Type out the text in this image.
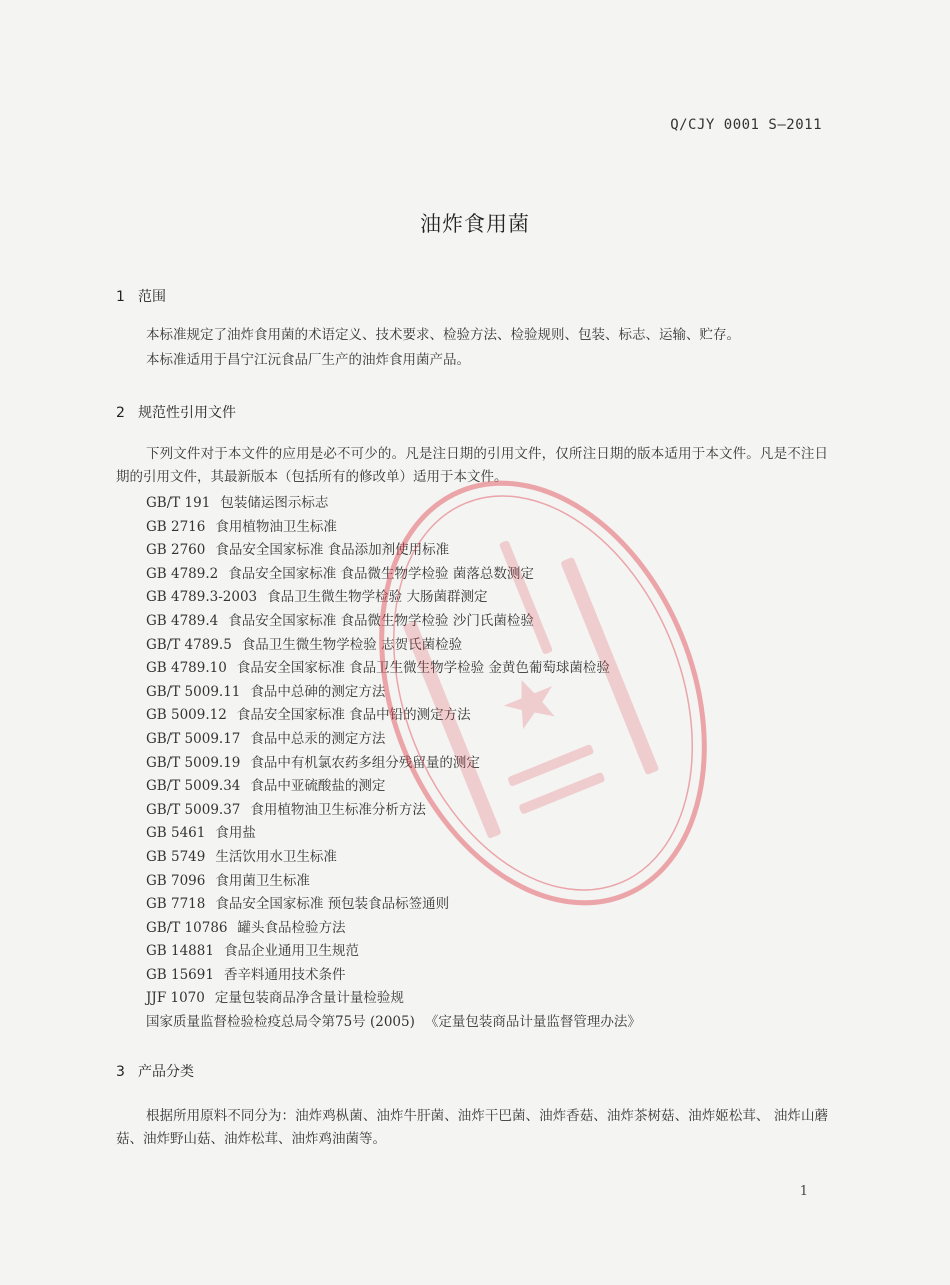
Q/CJY 0001 S—2011
油炸食用菌
1 范围
本标准规定了油炸食用菌的术语定义、技术要求、检验方法、检验规则、包装、标志、运输、贮存。
本标准适用于昌宁江沅食品厂生产的油炸食用菌产品。
2 规范性引用文件
下列文件对于本文件的应用是必不可少的。凡是注日期的引用文件，仅所注日期的版本适用于本文件。凡是不注日期的引用文件，其最新版本（包括所有的修改单）适用于本文件。
GB/T 191 包装储运图示标志
GB 2716 食用植物油卫生标准
GB 2760 食品安全国家标准 食品添加剂使用标准
GB 4789.2 食品安全国家标准 食品微生物学检验 菌落总数测定
GB 4789.3-2003 食品卫生微生物学检验 大肠菌群测定
GB 4789.4 食品安全国家标准 食品微生物学检验 沙门氏菌检验
GB/T 4789.5 食品卫生微生物学检验 志贺氏菌检验
GB 4789.10 食品安全国家标准 食品卫生微生物学检验 金黄色葡萄球菌检验
GB/T 5009.11 食品中总砷的测定方法
GB 5009.12 食品安全国家标准 食品中铅的测定方法
GB/T 5009.17 食品中总汞的测定方法
GB/T 5009.19 食品中有机氯农药多组分残留量的测定
GB/T 5009.34 食品中亚硫酸盐的测定
GB/T 5009.37 食用植物油卫生标准分析方法
GB 5461 食用盐
GB 5749 生活饮用水卫生标准
GB 7096 食用菌卫生标准
GB 7718 食品安全国家标准 预包装食品标签通则
GB/T 10786 罐头食品检验方法
GB 14881 食品企业通用卫生规范
GB 15691 香辛料通用技术条件
JJF 1070 定量包装商品净含量计量检验规
国家质量监督检验检疫总局令第75号 (2005) 《定量包装商品计量监督管理办法》
3 产品分类
根据所用原料不同分为：油炸鸡枞菌、油炸牛肝菌、油炸干巴菌、油炸香菇、油炸茶树菇、油炸姬松茸、 油炸山蘑菇、油炸野山菇、油炸松茸、油炸鸡油菌等。
1
